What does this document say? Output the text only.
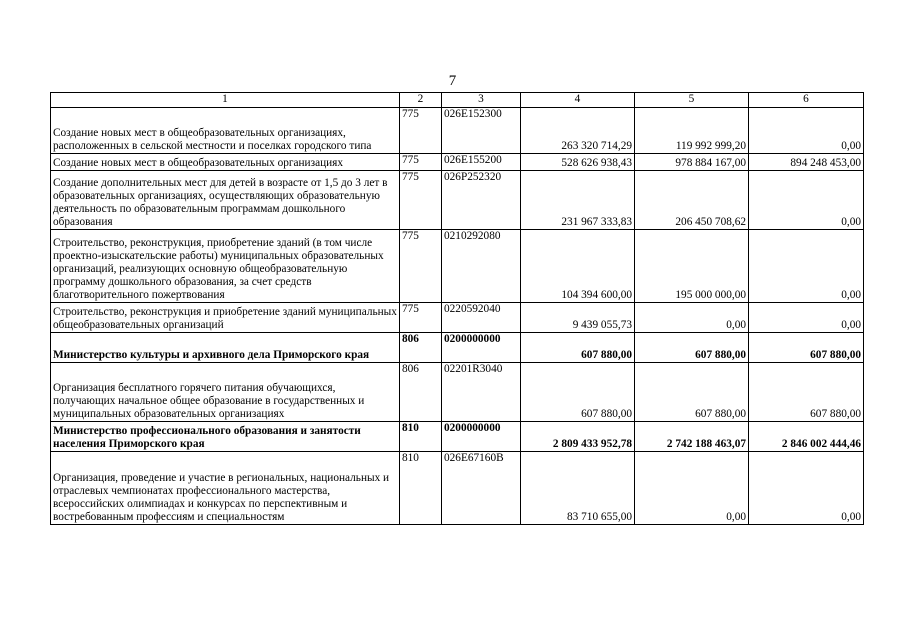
7
1	2	3	4	5	6
Создание новых мест в общеобразовательных организациях, расположенных в сельской местности и поселках городского типа	775	026E152300	263 320 714,29	119 992 999,20	0,00
Создание новых мест в общеобразовательных организациях	775	026E155200	528 626 938,43	978 884 167,00	894 248 453,00
Создание дополнительных мест для детей в возрасте от 1,5 до 3 лет в образовательных организациях, осуществляющих образовательную деятельность по образовательным программам дошкольного образования	775	026P252320	231 967 333,83	206 450 708,62	0,00
Строительство, реконструкция, приобретение зданий (в том числе проектно-изыскательские работы) муниципальных образовательных организаций, реализующих основную общеобразовательную программу дошкольного образования, за счет средств благотворительного пожертвования	775	0210292080	104 394 600,00	195 000 000,00	0,00
Строительство, реконструкция и приобретение зданий муниципальных общеобразовательных организаций	775	0220592040	9 439 055,73	0,00	0,00
Министерство культуры и архивного дела Приморского края	806	0200000000	607 880,00	607 880,00	607 880,00
Организация бесплатного горячего питания обучающихся, получающих начальное общее образование в государственных и муниципальных образовательных организациях	806	02201R3040	607 880,00	607 880,00	607 880,00
Министерство профессионального образования и занятости населения Приморского края	810	0200000000	2 809 433 952,78	2 742 188 463,07	2 846 002 444,46
Организация, проведение и участие в региональных, национальных и отраслевых чемпионатах профессионального мастерства, всероссийских олимпиадах и конкурсах по перспективным и востребованным профессиям и специальностям	810	026E67160B	83 710 655,00	0,00	0,00
